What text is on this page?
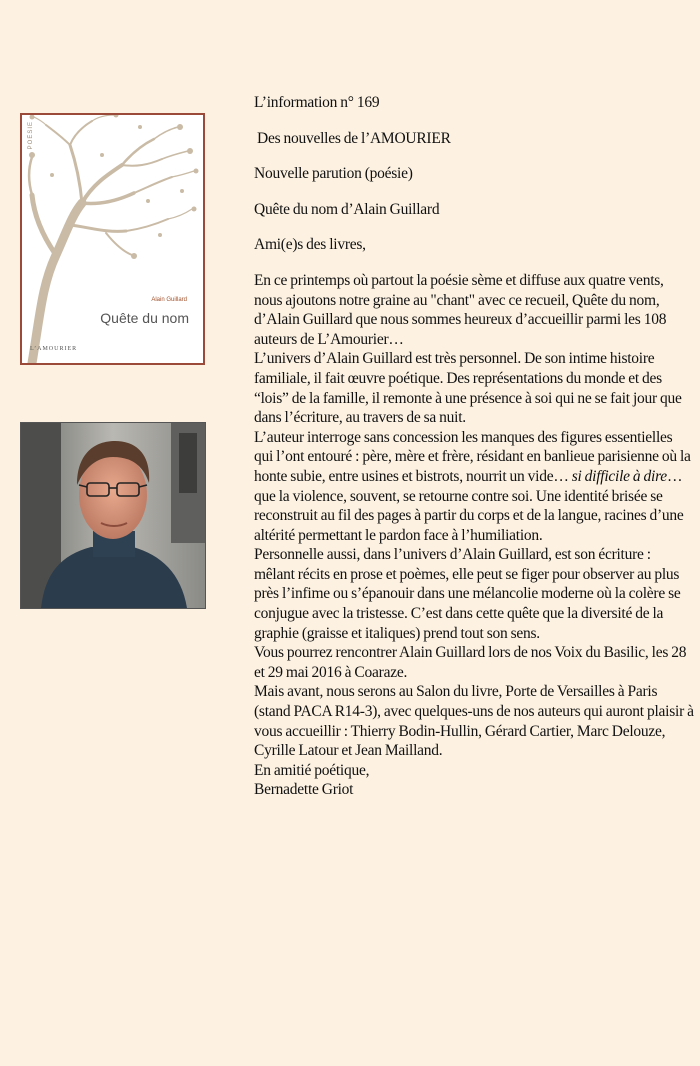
POÉSIE
Alain Guillard
Quête du nom
L’AMOURIER

L’information n° 169

Des nouvelles de l’AMOURIER

Nouvelle parution (poésie)

Quête du nom d’Alain Guillard

Ami(e)s des livres,

En ce printemps où partout la poésie sème et diffuse aux quatre vents, nous ajoutons notre graine au "chant" avec ce recueil, Quête du nom, d’Alain Guillard que nous sommes heureux d’accueillir parmi les 108 auteurs de L’Amourier…

L’univers d’Alain Guillard est très personnel. De son intime histoire familiale, il fait œuvre poétique. Des représentations du monde et des “lois” de la famille, il remonte à une présence à soi qui ne se fait jour que dans l’écriture, au travers de sa nuit.

L’auteur interroge sans concession les manques des figures essentielles qui l’ont entouré : père, mère et frère, résidant en banlieue parisienne où la honte subie, entre usines et bistrots, nourrit un vide… si difficile à dire… que la violence, souvent, se retourne contre soi. Une identité brisée se reconstruit au fil des pages à partir du corps et de la langue, racines d’une altérité permettant le pardon face à l’humiliation.

Personnelle aussi, dans l’univers d’Alain Guillard, est son écriture : mêlant récits en prose et poèmes, elle peut se figer pour observer au plus près l’infime ou s’épanouir dans une mélancolie moderne où la colère se conjugue avec la tristesse. C’est dans cette quête que la diversité de la graphie (graisse et italiques) prend tout son sens.

Vous pourrez rencontrer Alain Guillard lors de nos Voix du Basilic, les 28 et 29 mai 2016 à Coaraze.

Mais avant, nous serons au Salon du livre, Porte de Versailles à Paris (stand PACA R14-3), avec quelques-uns de nos auteurs qui auront plaisir à vous accueillir : Thierry Bodin-Hullin, Gérard Cartier, Marc Delouze, Cyrille Latour et Jean Mailland.

En amitié poétique,

Bernadette Griot
